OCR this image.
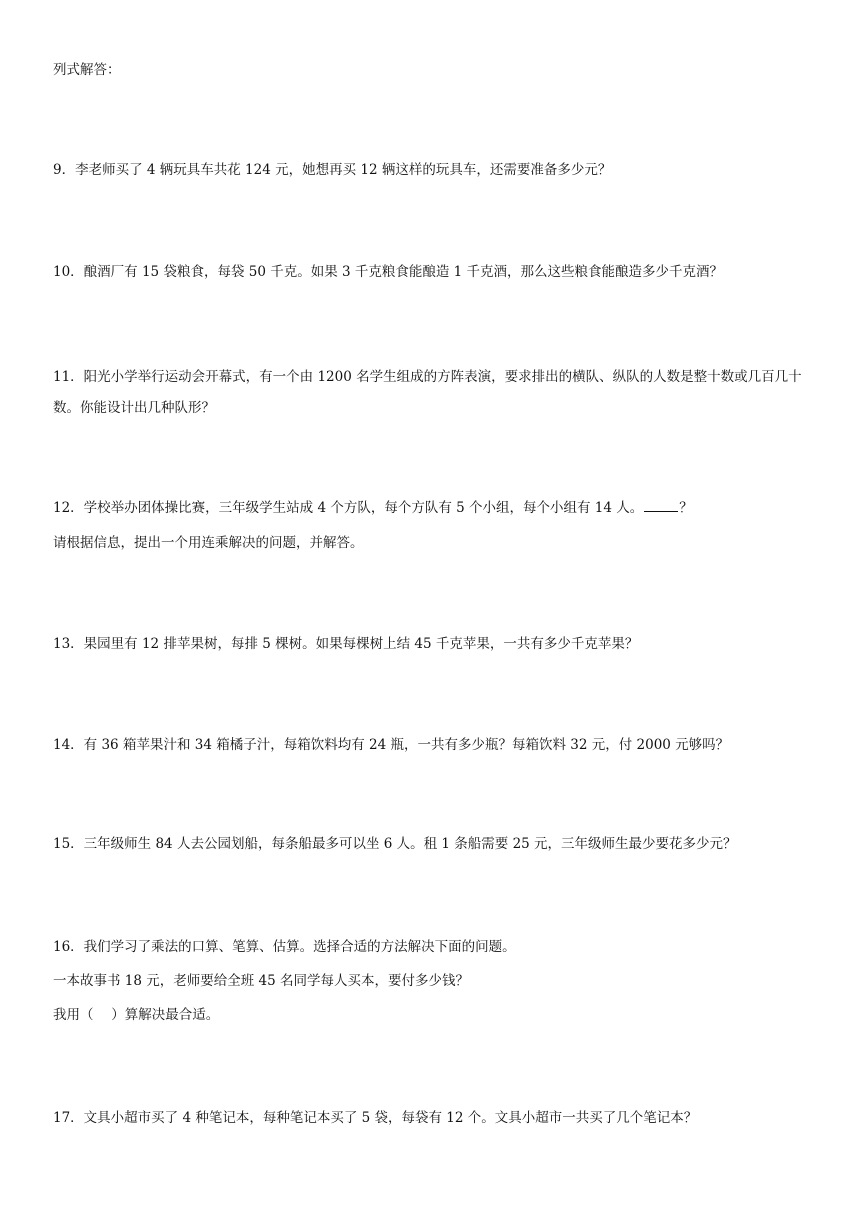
列式解答：
9．李老师买了 4 辆玩具车共花 124 元，她想再买 12 辆这样的玩具车，还需要准备多少元？
10．酿酒厂有 15 袋粮食，每袋 50 千克。如果 3 千克粮食能酿造 1 千克酒，那么这些粮食能酿造多少千克酒？
11．阳光小学举行运动会开幕式，有一个由 1200 名学生组成的方阵表演，要求排出的横队、纵队的人数是整十数或几百几十数。你能设计出几种队形？
12．学校举办团体操比赛，三年级学生站成 4 个方队，每个方队有 5 个小组，每个小组有 14 人。	？
请根据信息，提出一个用连乘解决的问题，并解答。
13．果园里有 12 排苹果树，每排 5 棵树。如果每棵树上结 45 千克苹果，一共有多少千克苹果？
14．有 36 箱苹果汁和 34 箱橘子汁，每箱饮料均有 24 瓶，一共有多少瓶？每箱饮料 32 元，付 2000 元够吗？
15．三年级师生 84 人去公园划船，每条船最多可以坐 6 人。租 1 条船需要 25 元，三年级师生最少要花多少元？
16．我们学习了乘法的口算、笔算、估算。选择合适的方法解决下面的问题。
一本故事书 18 元，老师要给全班 45 名同学每人买本，要付多少钱？
我用（　 ）算解决最合适。
17．文具小超市买了 4 种笔记本，每种笔记本买了 5 袋，每袋有 12 个。文具小超市一共买了几个笔记本？
